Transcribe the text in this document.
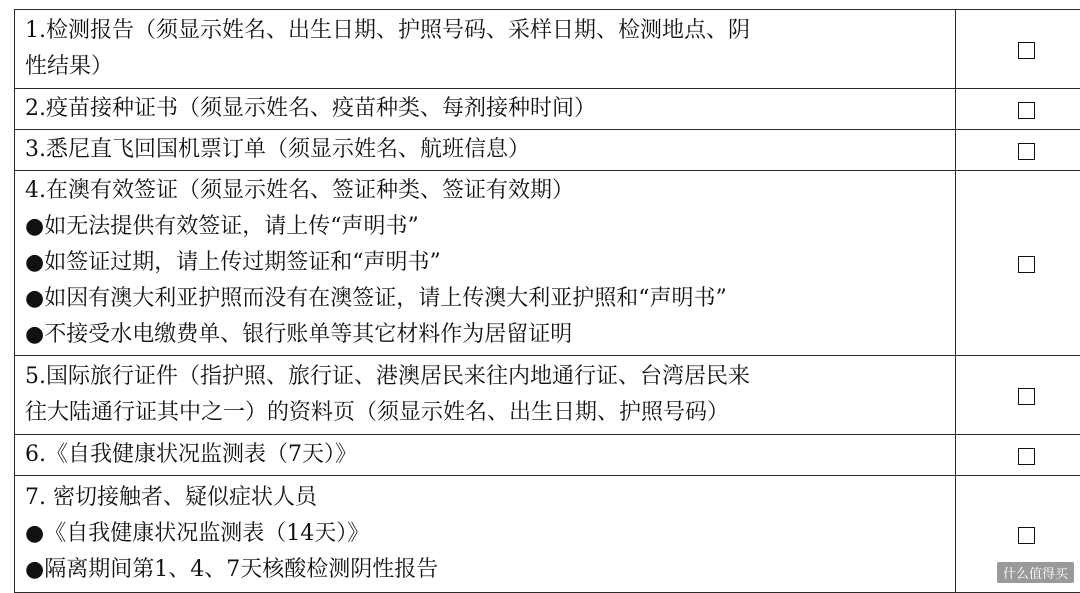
1.检测报告（须显示姓名、出生日期、护照号码、采样日期、检测地点、阴
性结果）	

2.疫苗接种证书（须显示姓名、疫苗种类、每剂接种时间）	

3.悉尼直飞回国机票订单（须显示姓名、航班信息）	

4.在澳有效签证（须显示姓名、签证种类、签证有效期）
●如无法提供有效签证，请上传“声明书”
●如签证过期，请上传过期签证和“声明书”
●如因有澳大利亚护照而没有在澳签证，请上传澳大利亚护照和“声明书”
●不接受水电缴费单、银行账单等其它材料作为居留证明	

5.国际旅行证件（指护照、旅行证、港澳居民来往内地通行证、台湾居民来
往大陆通行证其中之一）的资料页（须显示姓名、出生日期、护照号码）	

6.《自我健康状况监测表（7天）》	

7. 密切接触者、疑似症状人员
●《自我健康状况监测表（14天）》
●隔离期间第1、4、7天核酸检测阴性报告	
		什么值得买
